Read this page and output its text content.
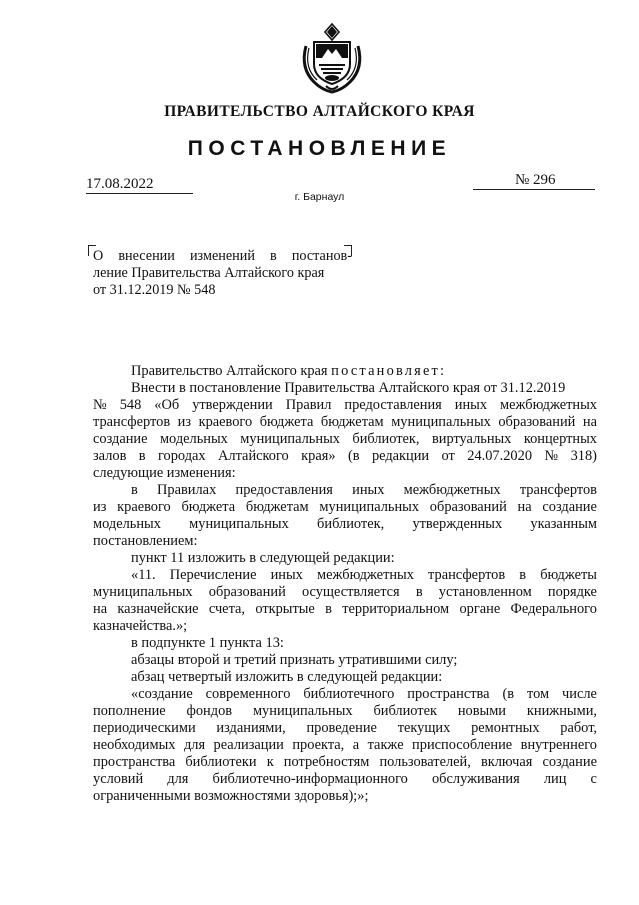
ПРАВИТЕЛЬСТВО АЛТАЙСКОГО КРАЯ
ПОСТАНОВЛЕНИЕ
17.08.2022	№ 296
г. Барнаул
О внесении изменений в постанов-
ление Правительства Алтайского края
от 31.12.2019 № 548
Правительство Алтайского края постановляет:
Внести в постановление Правительства Алтайского края от 31.12.2019
№ 548 «Об утверждении Правил предоставления иных межбюджетных
трансфертов из краевого бюджета бюджетам муниципальных образований на
создание модельных муниципальных библиотек, виртуальных концертных
залов в городах Алтайского края» (в редакции от 24.07.2020 № 318)
следующие изменения:
в Правилах предоставления иных межбюджетных трансфертов
из краевого бюджета бюджетам муниципальных образований на создание
модельных муниципальных библиотек, утвержденных указанным
постановлением:
пункт 11 изложить в следующей редакции:
«11. Перечисление иных межбюджетных трансфертов в бюджеты
муниципальных образований осуществляется в установленном порядке
на казначейские счета, открытые в территориальном органе Федерального
казначейства.»;
в подпункте 1 пункта 13:
абзацы второй и третий признать утратившими силу;
абзац четвертый изложить в следующей редакции:
«создание современного библиотечного пространства (в том числе
пополнение фондов муниципальных библиотек новыми книжными,
периодическими изданиями, проведение текущих ремонтных работ,
необходимых для реализации проекта, а также приспособление внутреннего
пространства библиотеки к потребностям пользователей, включая создание
условий для библиотечно-информационного обслуживания лиц с
ограниченными возможностями здоровья);»;
